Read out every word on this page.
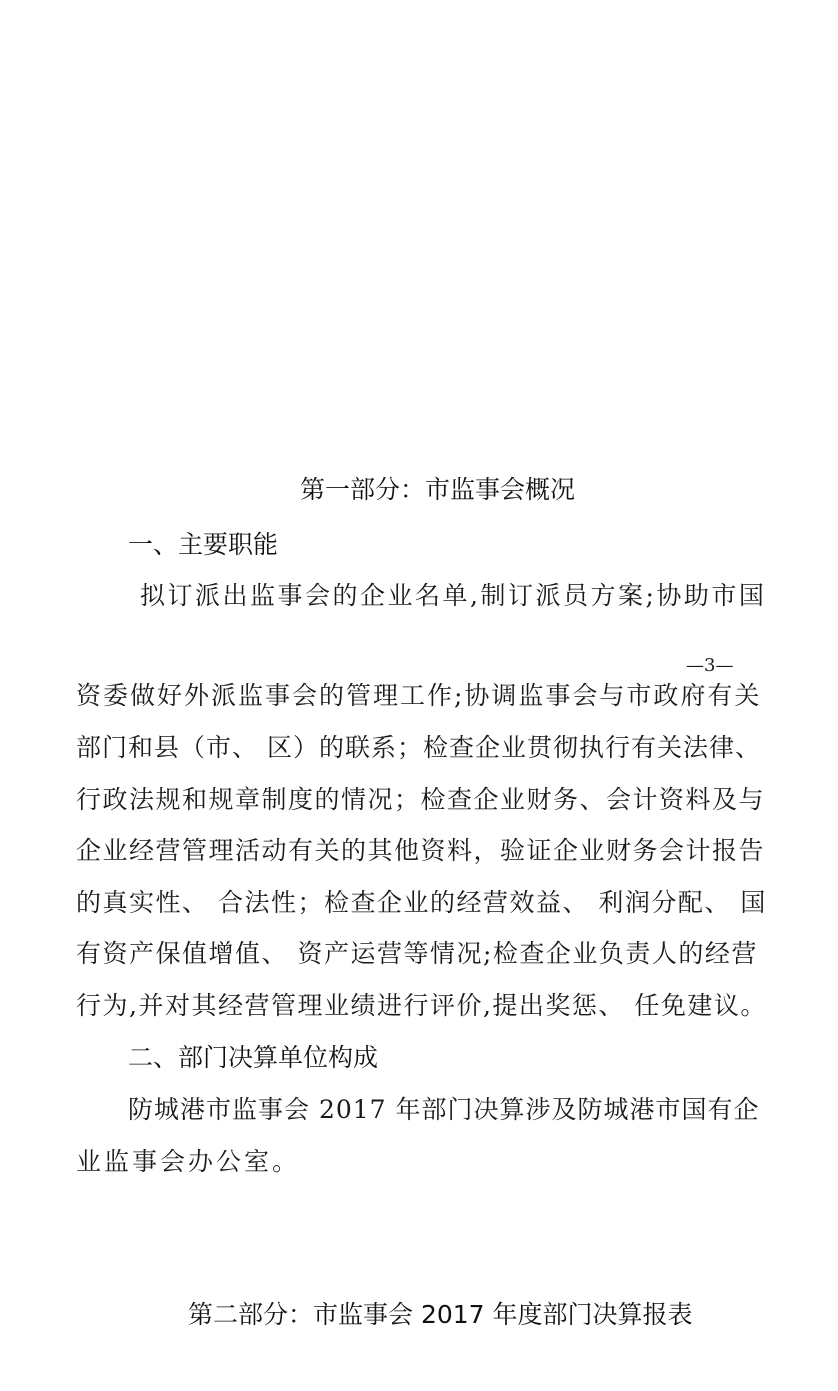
第一部分：市监事会概况
一、主要职能
拟订派出监事会的企业名单,制订派员方案;协助市国
—3—
资委做好外派监事会的管理工作;协调监事会与市政府有关
部门和县（市、 区）的联系；检查企业贯彻执行有关法律、
行政法规和规章制度的情况；检查企业财务、会计资料及与
企业经营管理活动有关的其他资料，验证企业财务会计报告
的真实性、 合法性；检查企业的经营效益、 利润分配、 国
有资产保值增值、 资产运营等情况;检查企业负责人的经营
行为,并对其经营管理业绩进行评价,提出奖惩、 任免建议。
二、部门决算单位构成
防城港市监事会 2017 年部门决算涉及防城港市国有企
业监事会办公室。
第二部分：市监事会 2017 年度部门决算报表
